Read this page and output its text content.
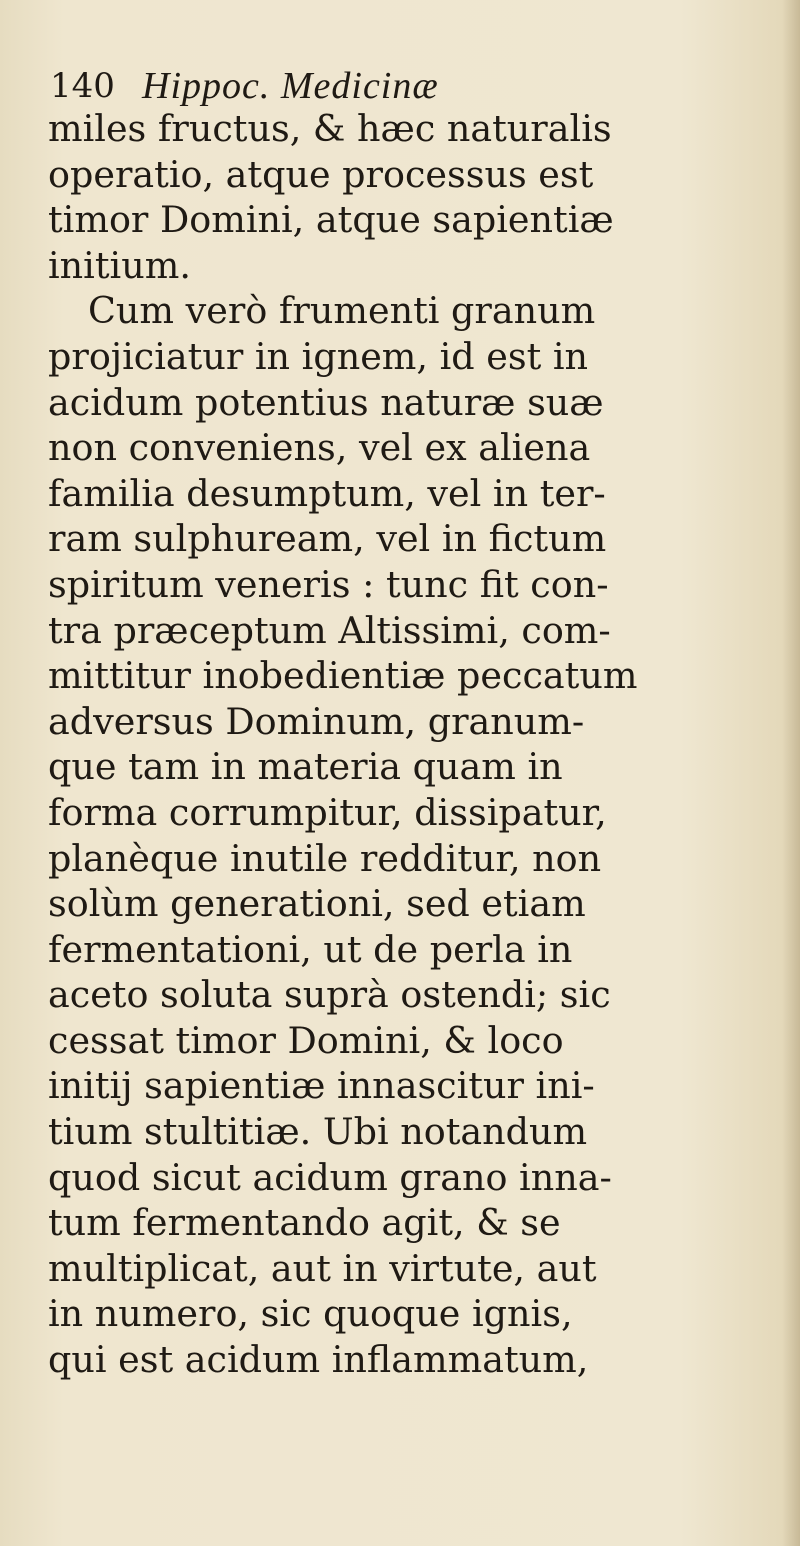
140 Hippoc. Medicinæ
miles fructus, & hæc naturalis
operatio, atque processus est
timor Domini, atque sapientiæ
initium.
Cum verò frumenti granum
projiciatur in ignem, id est in
acidum potentius naturæ suæ
non conveniens, vel ex aliena
familia desumptum, vel in ter-
ram sulphuream, vel in fictum
spiritum veneris : tunc fit con-
tra præceptum Altissimi, com-
mittitur inobedientiæ peccatum
adversus Dominum, granum-
que tam in materia quam in
forma corrumpitur, dissipatur,
planèque inutile redditur, non
solùm generationi, sed etiam
fermentationi, ut de perla in
aceto soluta suprà ostendi; sic
cessat timor Domini, & loco
initij sapientiæ innascitur ini-
tium stultitiæ. Ubi notandum
quod sicut acidum grano inna-
tum fermentando agit, & se
multiplicat, aut in virtute, aut
in numero, sic quoque ignis,
qui est acidum inflammatum,
